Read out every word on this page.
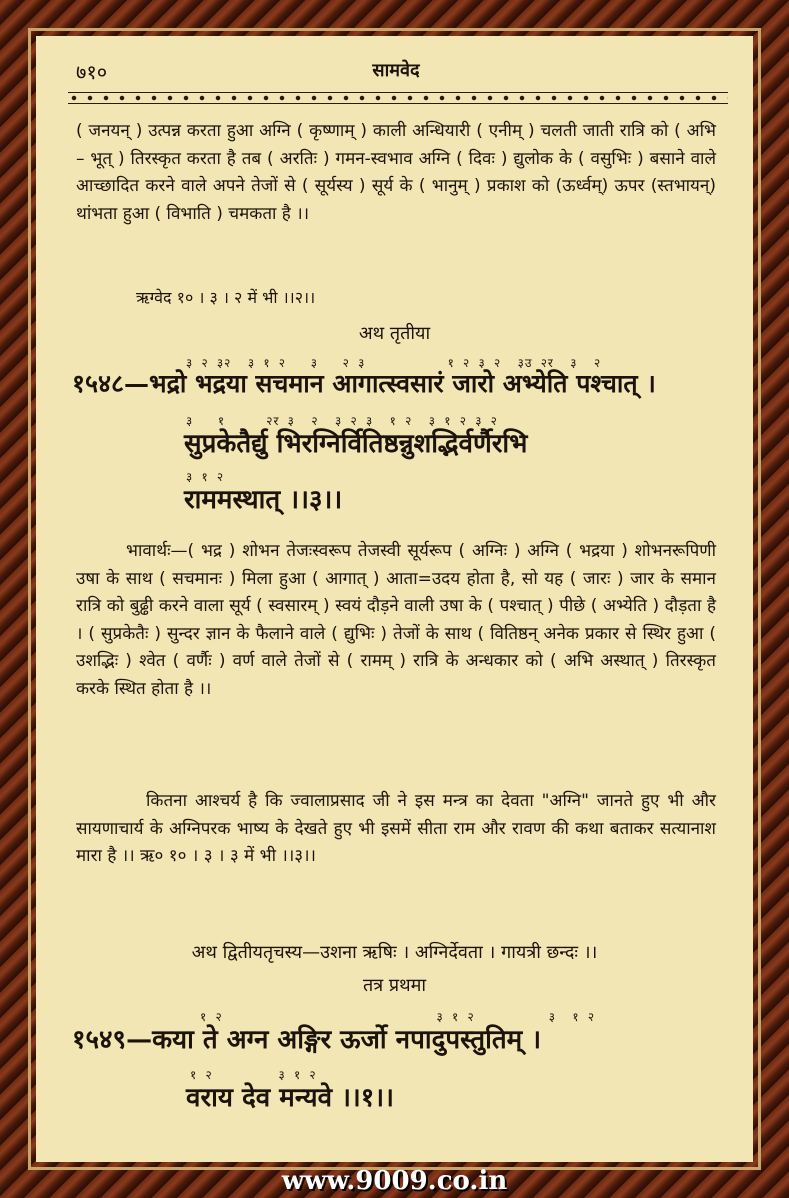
७१०	सामवेद

( जनयन् ) उत्पन्न करता हुआ अग्नि ( कृष्णाम् ) काली अन्धियारी ( एनीम् ) चलती जाती रात्रि को ( अभि – भूत् ) तिरस्कृत करता है तब ( अरतिः ) गमन-स्वभाव अग्नि ( दिवः ) द्युलोक के ( वसुभिः ) बसाने वाले आच्छादित करने वाले अपने तेजों से ( सूर्यस्य ) सूर्य के ( भानुम् ) प्रकाश को (ऊर्ध्वम्) ऊपर (स्तभायन्) थांभता हुआ ( विभाति ) चमकता है ।।

ऋग्वेद १० । ३ । २ में भी ।।२।।
अथ तृतीया
३ २ ३२  ३ १ २   ३   २ ३          १ २ ३ २  ३उ २र  ३  २
१५४८—भद्रो भद्रया सचमान आगात्स्वसारं जारो अभ्येति पश्चात् ।
३   १     २र ३  २  ३ २ ३  १ २  ३ १ २ ३ २
सुप्रकेतैर्द्यु भिरग्निर्वितिष्ठन्नुशद्भिर्वर्णैरभि
३ १ २
राममस्थात् ।।३।।

भावार्थः—( भद्र ) शोभन तेजःस्वरूप तेजस्वी सूर्यरूप ( अग्निः ) अग्नि ( भद्रया ) शोभनरूपिणी उषा के साथ ( सचमानः ) मिला हुआ ( आगात् ) आता=उदय होता है, सो यह ( जारः ) जार के समान रात्रि को बुढ्ढी करने वाला सूर्य ( स्वसारम् ) स्वयं दौड़ने वाली उषा के ( पश्चात् ) पीछे ( अभ्येति ) दौड़ता है । ( सुप्रकेतैः ) सुन्दर ज्ञान के फैलाने वाले ( द्युभिः ) तेजों के साथ ( वितिष्ठन् अनेक प्रकार से स्थिर हुआ ( उशद्भिः ) श्वेत ( वर्णैः ) वर्ण वाले तेजों से ( रामम् ) रात्रि के अन्धकार को ( अभि अस्थात् ) तिरस्कृत करके स्थित होता है ।।

कितना आश्चर्य है कि ज्वालाप्रसाद जी ने इस मन्त्र का देवता "अग्नि" जानते हुए भी और सायणाचार्य के अग्निपरक भाष्य के देखते हुए भी इसमें सीता राम और रावण की कथा बताकर सत्यानाश मारा है ।। ऋ० १० । ३ । ३ में भी ।।३।।

अथ द्वितीयतृचस्य—उशना ऋषिः । अग्निर्देवता । गायत्री छन्दः ।।
तत्र प्रथमा
१ २                          ३ १ २         ३  १ २
१५४९—कया ते अग्न अङ्गिर ऊर्जो नपादुपस्तुतिम् ।
१ २        ३ १ २
वराय देव मन्यवे ।।१।।
www.9009.co.in
